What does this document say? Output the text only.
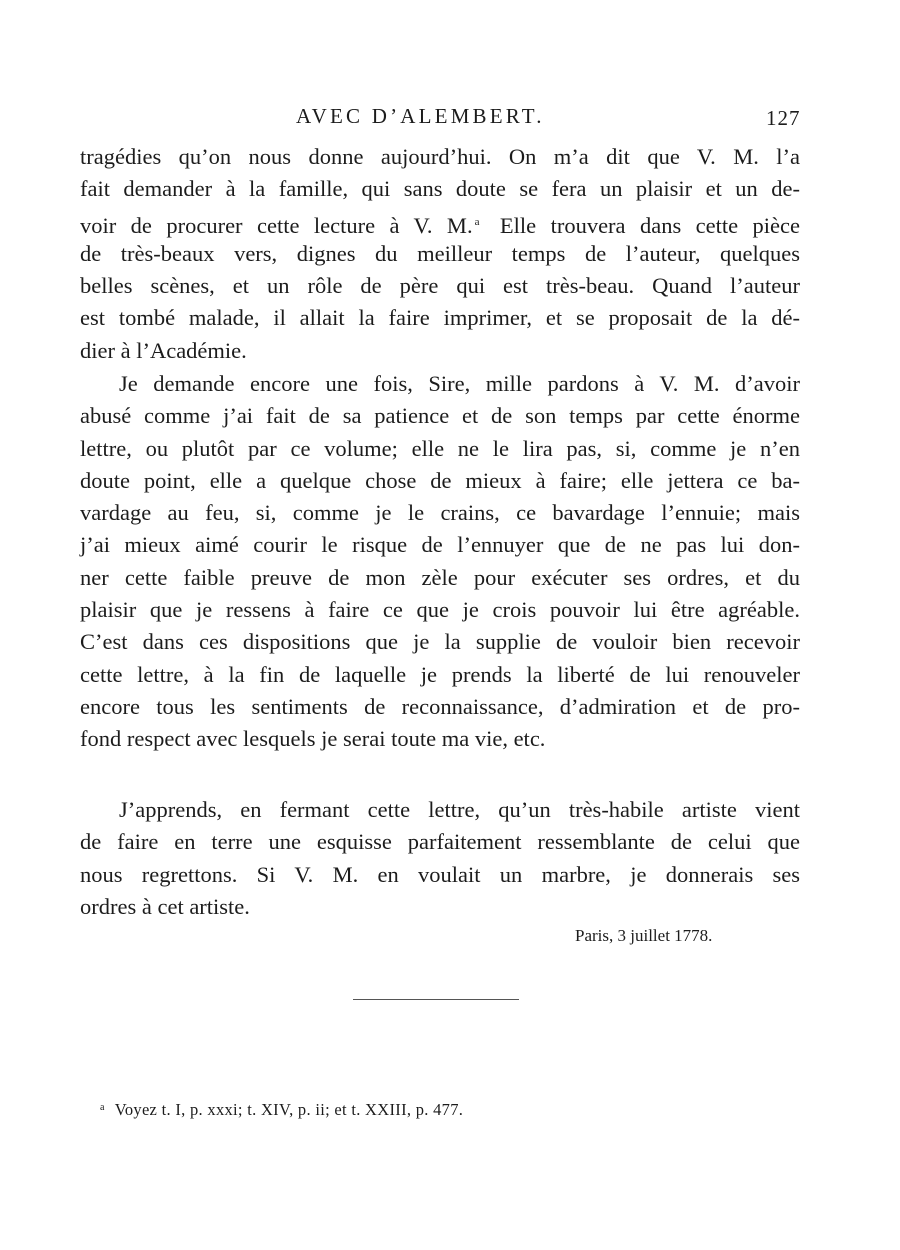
AVEC D’ALEMBERT.	127
tragédies qu’on nous donne aujourd’hui. On m’a dit que V. M. l’a
fait demander à la famille, qui sans doute se fera un plaisir et un de-
voir de procurer cette lecture à V. M. $^a$ Elle trouvera dans cette pièce
de très-beaux vers, dignes du meilleur temps de l’auteur, quelques
belles scènes, et un rôle de père qui est très-beau. Quand l’auteur
est tombé malade, il allait la faire imprimer, et se proposait de la dé-
dier à l’Académie.
Je demande encore une fois, Sire, mille pardons à V. M. d’avoir
abusé comme j’ai fait de sa patience et de son temps par cette énorme
lettre, ou plutôt par ce volume; elle ne le lira pas, si, comme je n’en
doute point, elle a quelque chose de mieux à faire; elle jettera ce ba-
vardage au feu, si, comme je le crains, ce bavardage l’ennuie; mais
j’ai mieux aimé courir le risque de l’ennuyer que de ne pas lui don-
ner cette faible preuve de mon zèle pour exécuter ses ordres, et du
plaisir que je ressens à faire ce que je crois pouvoir lui être agréable.
C’est dans ces dispositions que je la supplie de vouloir bien recevoir
cette lettre, à la fin de laquelle je prends la liberté de lui renouveler
encore tous les sentiments de reconnaissance, d’admiration et de pro-
fond respect avec lesquels je serai toute ma vie, etc.
J’apprends, en fermant cette lettre, qu’un très-habile artiste vient
de faire en terre une esquisse parfaitement ressemblante de celui que
nous regrettons. Si V. M. en voulait un marbre, je donnerais ses
ordres à cet artiste.
Paris, 3 juillet 1778.
$^a$ Voyez t. I, p. xxxi; t. XIV, p. ii; et t. XXIII, p. 477.
